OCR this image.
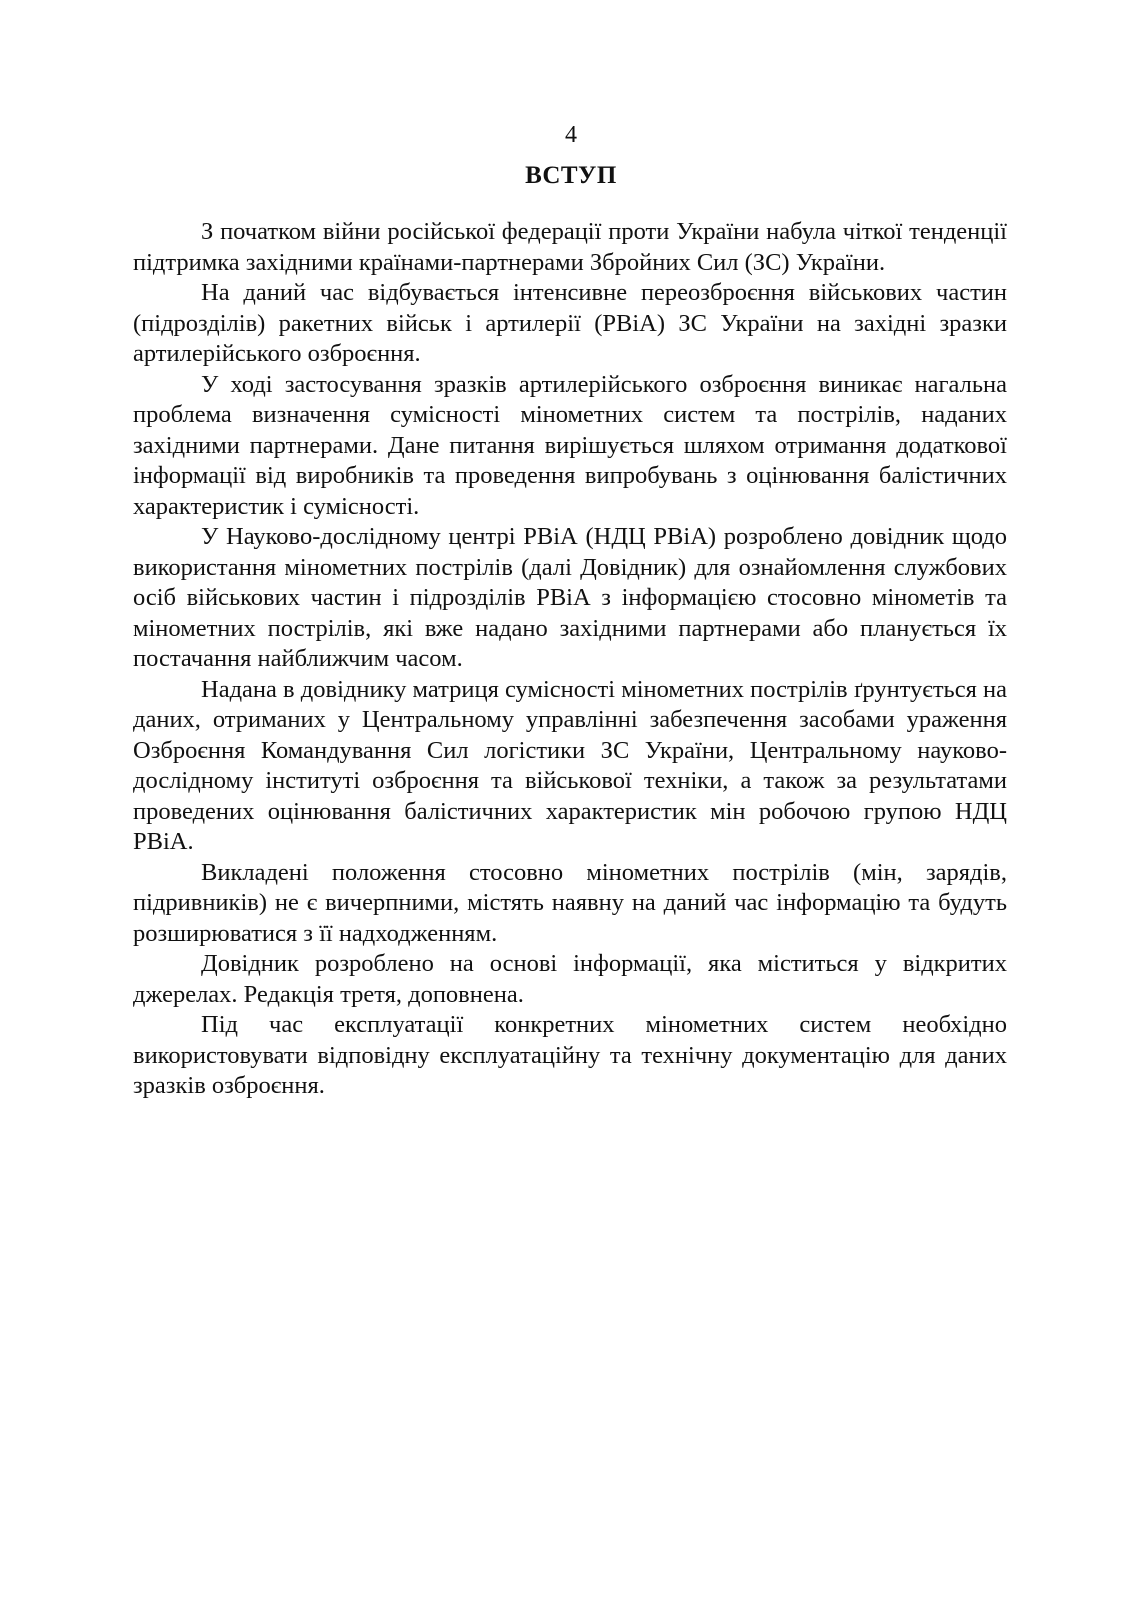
4
ВСТУП

З початком війни російської федерації проти України набула чіткої тенденції підтримка західними країнами-партнерами Збройних Сил (ЗС) України.

На даний час відбувається інтенсивне переозброєння військових частин (підрозділів) ракетних військ і артилерії (РВіА) ЗС України на західні зразки артилерійського озброєння.

У ході застосування зразків артилерійського озброєння виникає нагальна проблема визначення сумісності мінометних систем та пострілів, наданих західними партнерами. Дане питання вирішується шляхом отримання додаткової інформації від виробників та проведення випробувань з оцінювання балістичних характеристик і сумісності.

У Науково-дослідному центрі РВіА (НДЦ РВіА) розроблено довідник щодо використання мінометних пострілів (далі Довідник) для ознайомлення службових осіб військових частин і підрозділів РВіА з інформацією стосовно мінометів та мінометних пострілів, які вже надано західними партнерами або планується їх постачання найближчим часом.

Надана в довіднику матриця сумісності мінометних пострілів ґрунтується на даних, отриманих у Центральному управлінні забезпечення засобами ураження Озброєння Командування Сил логістики ЗС України, Центральному науково-дослідному інституті озброєння та військової техніки, а також за результатами проведених оцінювання балістичних характеристик мін робочою групою НДЦ РВіА.

Викладені положення стосовно мінометних пострілів (мін, зарядів, підривників) не є вичерпними, містять наявну на даний час інформацію та будуть розширюватися з її надходженням.

Довідник розроблено на основі інформації, яка міститься у відкритих джерелах. Редакція третя, доповнена.

Під час експлуатації конкретних мінометних систем необхідно використовувати відповідну експлуатаційну та технічну документацію для даних зразків озброєння.
